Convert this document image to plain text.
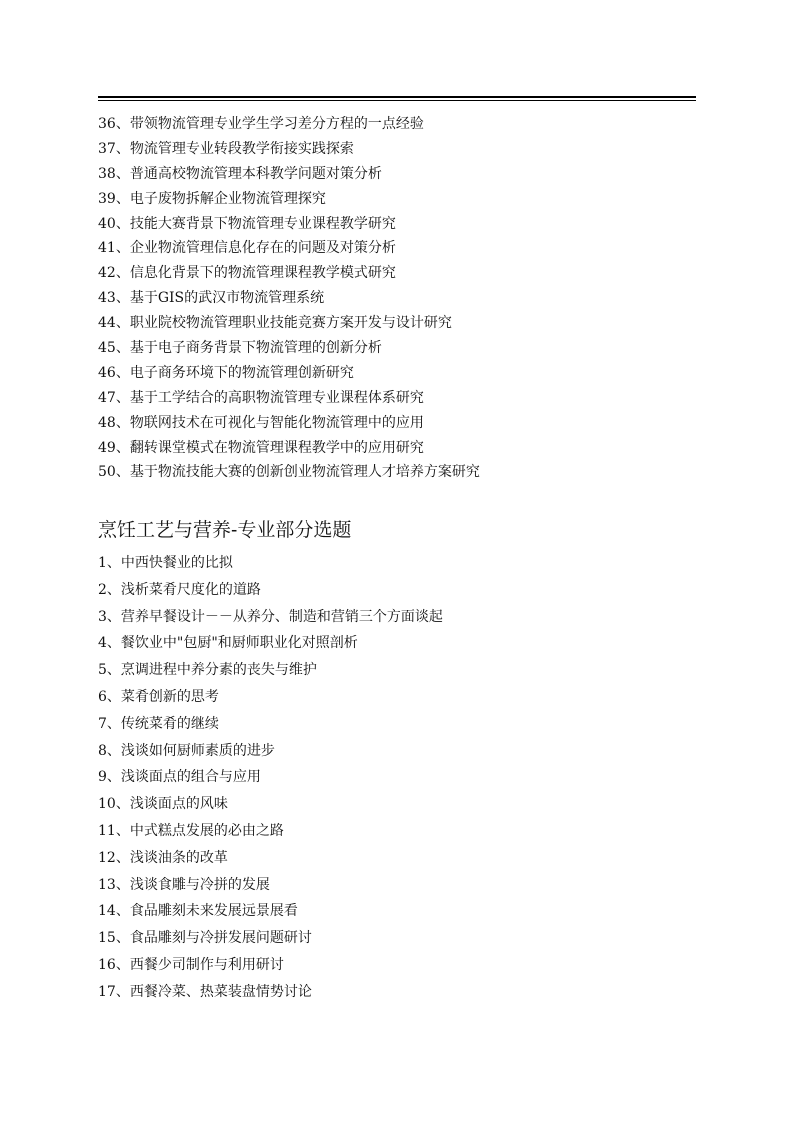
36、带领物流管理专业学生学习差分方程的一点经验
37、物流管理专业转段教学衔接实践探索
38、普通高校物流管理本科教学问题对策分析
39、电子废物拆解企业物流管理探究
40、技能大赛背景下物流管理专业课程教学研究
41、企业物流管理信息化存在的问题及对策分析
42、信息化背景下的物流管理课程教学模式研究
43、基于GIS的武汉市物流管理系统
44、职业院校物流管理职业技能竞赛方案开发与设计研究
45、基于电子商务背景下物流管理的创新分析
46、电子商务环境下的物流管理创新研究
47、基于工学结合的高职物流管理专业课程体系研究
48、物联网技术在可视化与智能化物流管理中的应用
49、翻转课堂模式在物流管理课程教学中的应用研究
50、基于物流技能大赛的创新创业物流管理人才培养方案研究
烹饪工艺与营养-专业部分选题
1、中西快餐业的比拟
2、浅析菜肴尺度化的道路
3、营养早餐设计－－从养分、制造和营销三个方面谈起
4、餐饮业中"包厨"和厨师职业化对照剖析
5、烹调进程中养分素的丧失与维护
6、菜肴创新的思考
7、传统菜肴的继续
8、浅谈如何厨师素质的进步
9、浅谈面点的组合与应用
10、浅谈面点的风味
11、中式糕点发展的必由之路
12、浅谈油条的改革
13、浅谈食雕与冷拼的发展
14、食品雕刻未来发展远景展看
15、食品雕刻与冷拼发展问题研讨
16、西餐少司制作与利用研讨
17、西餐冷菜、热菜装盘情势讨论
